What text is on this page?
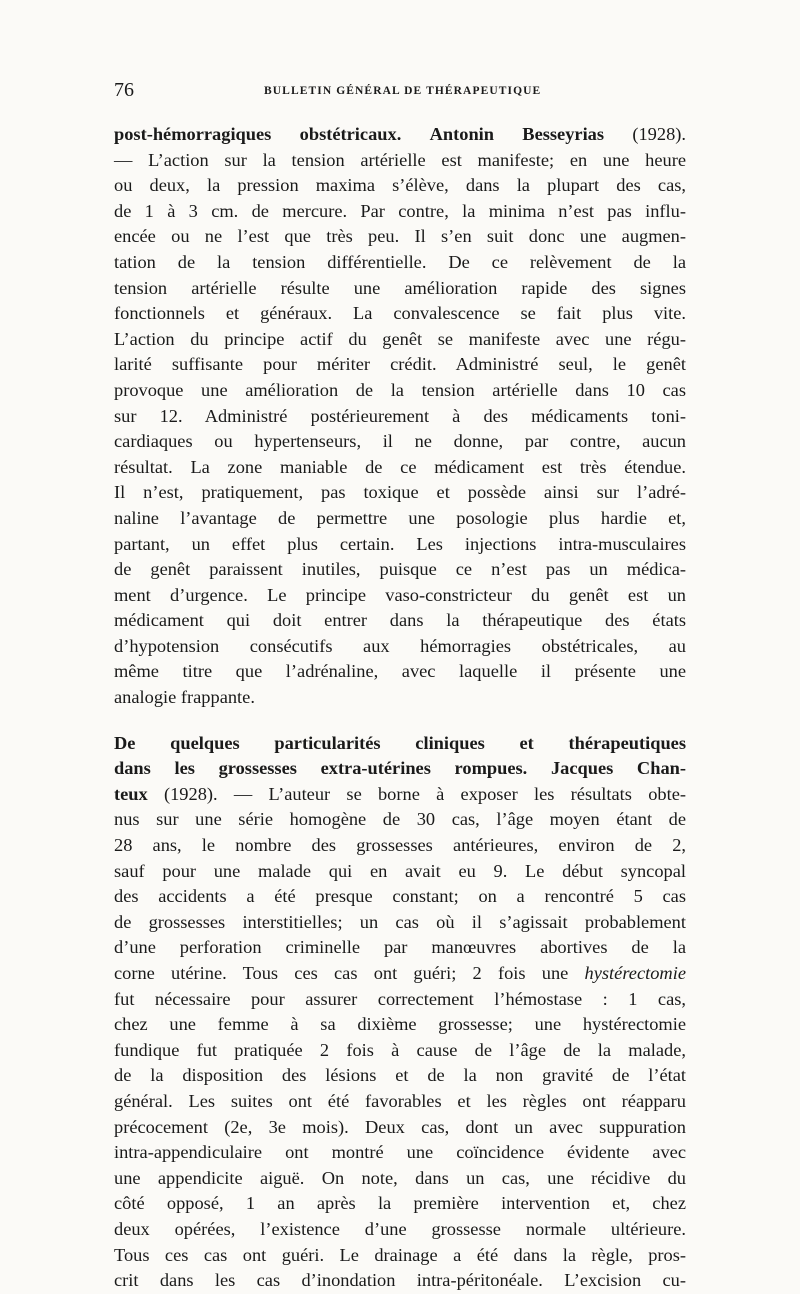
76	BULLETIN GÉNÉRAL DE THÉRAPEUTIQUE

post-hémorragiques obstétricaux. Antonin Besseyrias (1928).
— L’action sur la tension artérielle est manifeste; en une heure
ou deux, la pression maxima s’élève, dans la plupart des cas,
de 1 à 3 cm. de mercure. Par contre, la minima n’est pas influ-
encée ou ne l’est que très peu. Il s’en suit donc une augmen-
tation de la tension différentielle. De ce relèvement de la
tension artérielle résulte une amélioration rapide des signes
fonctionnels et généraux. La convalescence se fait plus vite.
L’action du principe actif du genêt se manifeste avec une régu-
larité suffisante pour mériter crédit. Administré seul, le genêt
provoque une amélioration de la tension artérielle dans 10 cas
sur 12. Administré postérieurement à des médicaments toni-
cardiaques ou hypertenseurs, il ne donne, par contre, aucun
résultat. La zone maniable de ce médicament est très étendue.
Il n’est, pratiquement, pas toxique et possède ainsi sur l’adré-
naline l’avantage de permettre une posologie plus hardie et,
partant, un effet plus certain. Les injections intra-musculaires
de genêt paraissent inutiles, puisque ce n’est pas un médica-
ment d’urgence. Le principe vaso-constricteur du genêt est un
médicament qui doit entrer dans la thérapeutique des états
d’hypotension consécutifs aux hémorragies obstétricales, au
même titre que l’adrénaline, avec laquelle il présente une
analogie frappante.

De quelques particularités cliniques et thérapeutiques
dans les grossesses extra-utérines rompues. Jacques Chan-
teux (1928). — L’auteur se borne à exposer les résultats obte-
nus sur une série homogène de 30 cas, l’âge moyen étant de
28 ans, le nombre des grossesses antérieures, environ de 2,
sauf pour une malade qui en avait eu 9. Le début syncopal
des accidents a été presque constant; on a rencontré 5 cas
de grossesses interstitielles; un cas où il s’agissait probablement
d’une perforation criminelle par manœuvres abortives de la
corne utérine. Tous ces cas ont guéri; 2 fois une hystérectomie
fut nécessaire pour assurer correctement l’hémostase : 1 cas,
chez une femme à sa dixième grossesse; une hystérectomie
fundique fut pratiquée 2 fois à cause de l’âge de la malade,
de la disposition des lésions et de la non gravité de l’état
général. Les suites ont été favorables et les règles ont réapparu
précocement (2e, 3e mois). Deux cas, dont un avec suppuration
intra-appendiculaire ont montré une coïncidence évidente avec
une appendicite aiguë. On note, dans un cas, une récidive du
côté opposé, 1 an après la première intervention et, chez
deux opérées, l’existence d’une grossesse normale ultérieure.
Tous ces cas ont guéri. Le drainage a été dans la règle, pros-
crit dans les cas d’inondation intra-péritonéale. L’excision cu-
